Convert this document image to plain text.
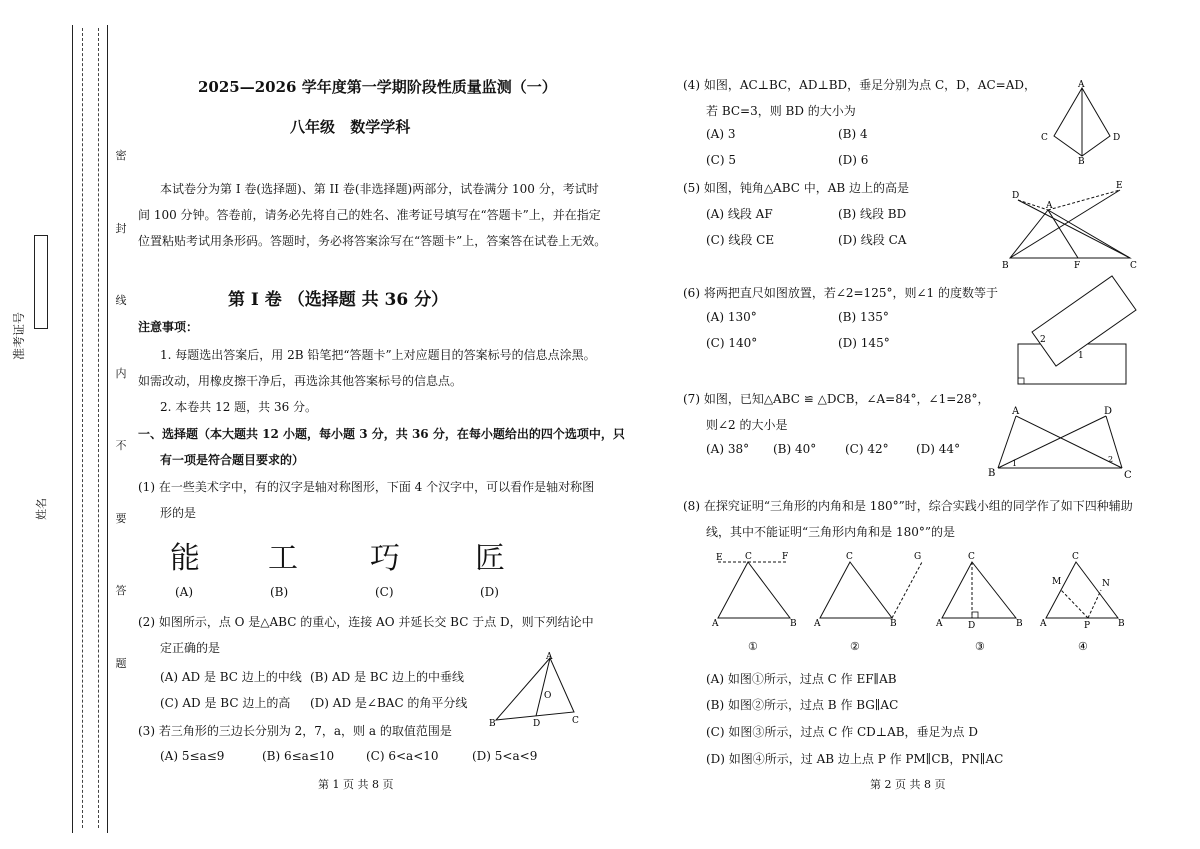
密
封
线
内
不
要
答
题
准考证号
姓名
2025—2026 学年度第一学期阶段性质量监测（一）
八年级 数学学科
本试卷分为第 I 卷(选择题)、第 II 卷(非选择题)两部分，试卷满分 100 分，考试时
间 100 分钟。答卷前，请务必先将自己的姓名、准考证号填写在“答题卡”上，并在指定
位置粘贴考试用条形码。答题时，务必将答案涂写在“答题卡”上，答案答在试卷上无效。
第 I 卷 （选择题 共 36 分）
注意事项：
1. 每题选出答案后，用 2B 铅笔把“答题卡”上对应题目的答案标号的信息点涂黑。
如需改动，用橡皮擦干净后，再选涂其他答案标号的信息点。
2. 本卷共 12 题，共 36 分。
一、选择题（本大题共 12 小题，每小题 3 分，共 36 分，在每小题给出的四个选项中，只
有一项是符合题目要求的）
(1) 在一些美术字中，有的汉字是轴对称图形，下面 4 个汉字中，可以看作是轴对称图
形的是
能 工 巧	匠
(A)	(B)	(C)	(D)
(2) 如图所示，点 O 是△ABC 的重心，连接 AO 并延长交 BC 于点 D，则下列结论中
定正确的是
(A) AD 是 BC 边上的中线 (B) AD 是 BC 边上的中垂线
(C) AD 是 BC 边上的高 (D) AD 是∠BAC 的角平分线
A
B	C
D
O
(3) 若三角形的三边长分别为 2，7，a，则 a 的取值范围是
(A) 5≤a≤9	(B) 6≤a≤10	(C) 6<a<10	(D) 5<a<9
第 1 页 共 8 页
(4) 如图，AC⊥BC，AD⊥BD，垂足分别为点 C，D，AC=AD，
若 BC=3，则 BD 的大小为
(A) 3	(B) 4
(C) 5	(D) 6
A
C	D
B
(5) 如图，钝角△ABC 中，AB 边上的高是
(A) 线段 AF	(B) 线段 BD
(C) 线段 CE	(D) 线段 CA
D
E
A
B	F	C
(6) 将两把直尺如图放置，若∠2=125°，则∠1 的度数等于
(A) 130°	(B) 135°
(C) 140°	(D) 145°	2
1
(7) 如图，已知△ABC ≌ △DCB，∠A=84°，∠1=28°，
则∠2 的大小是
(A) 38° (B) 40° (C) 42° (D) 44°
A	D
B	C
1	2
(8) 在探究证明“三角形的内角和是 180°”时，综合实践小组的同学作了如下四种辅助
线，其中不能证明“三角形内角和是 180°”的是
E C	F
A	B
C	G
A	B
C
D
A	B
C
M	N
A	P	B
①	②	③	④
(A) 如图①所示，过点 C 作 EF∥AB
(B) 如图②所示，过点 B 作 BG∥AC
(C) 如图③所示，过点 C 作 CD⊥AB，垂足为点 D
(D) 如图④所示，过 AB 边上点 P 作 PM∥CB，PN∥AC
第 2 页 共 8 页
